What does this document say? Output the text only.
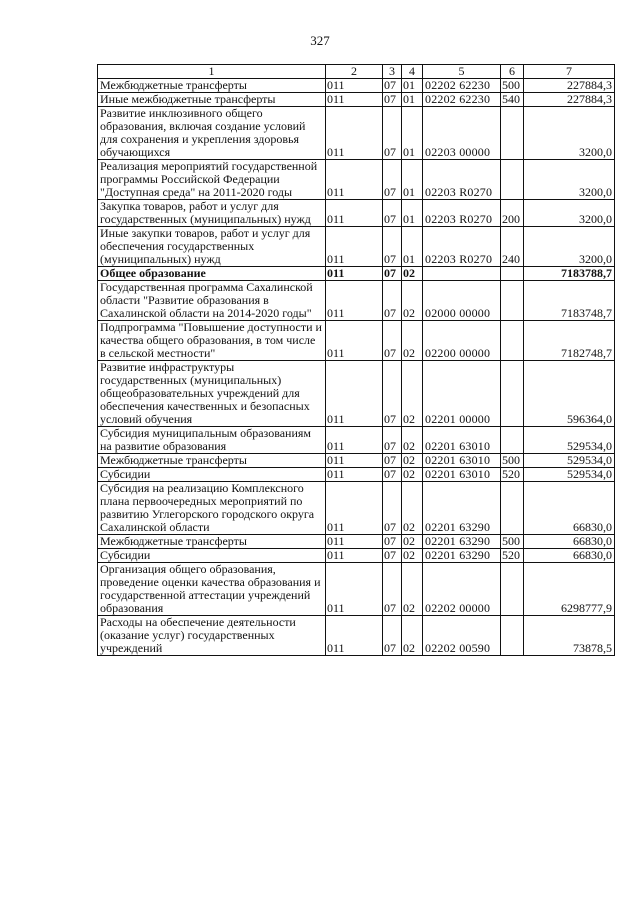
327
1	2	3	4	5	6	7
Межбюджетные трансферты	011	07	01	02202 62230	500	227884,3
Иные межбюджетные трансферты	011	07	01	02202 62230	540	227884,3
Развитие инклюзивного общего образования, включая создание условий для сохранения и укрепления здоровья обучающихся	011	07	01	02203 00000		3200,0
Реализация мероприятий государственной программы Российской Федерации "Доступная среда" на 2011-2020 годы	011	07	01	02203 R0270		3200,0
Закупка товаров, работ и услуг для государственных (муниципальных) нужд	011	07	01	02203 R0270	200	3200,0
Иные закупки товаров, работ и услуг для обеспечения государственных (муниципальных) нужд	011	07	01	02203 R0270	240	3200,0
Общее образование	011	07	02			7183788,7
Государственная программа Сахалинской области "Развитие образования в Сахалинской области на 2014-2020 годы"	011	07	02	02000 00000		7183748,7
Подпрограмма "Повышение доступности и качества общего образования, в том числе в сельской местности"	011	07	02	02200 00000		7182748,7
Развитие инфраструктуры государственных (муниципальных) общеобразовательных учреждений для обеспечения качественных и безопасных условий обучения	011	07	02	02201 00000		596364,0
Субсидия муниципальным образованиям на развитие образования	011	07	02	02201 63010		529534,0
Межбюджетные трансферты	011	07	02	02201 63010	500	529534,0
Субсидии	011	07	02	02201 63010	520	529534,0
Субсидия на реализацию Комплексного плана первоочередных мероприятий по развитию Углегорского городского округа Сахалинской области	011	07	02	02201 63290		66830,0
Межбюджетные трансферты	011	07	02	02201 63290	500	66830,0
Субсидии	011	07	02	02201 63290	520	66830,0
Организация общего образования, проведение оценки качества образования и государственной аттестации учреждений образования	011	07	02	02202 00000		6298777,9
Расходы на обеспечение деятельности (оказание услуг) государственных учреждений	011	07	02	02202 00590		73878,5
